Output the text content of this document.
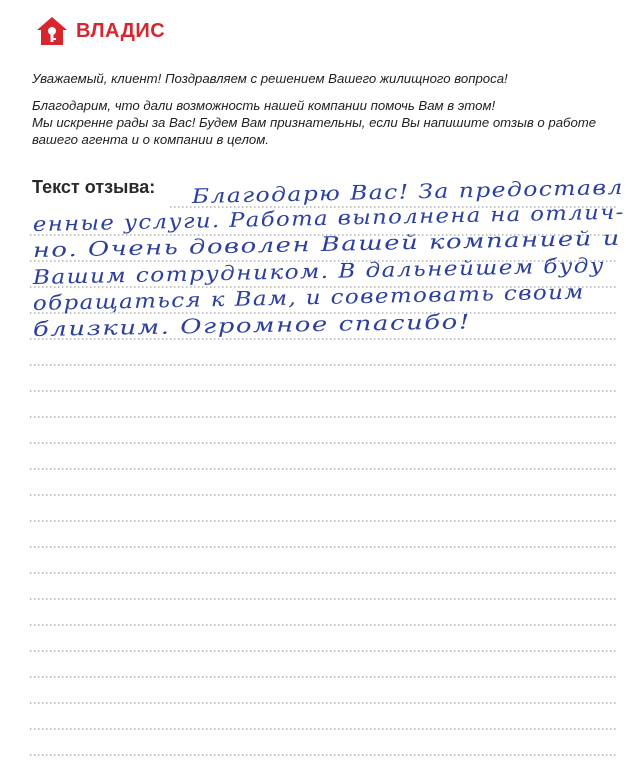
ВЛАДИС

Уважаемый, клиент! Поздравляем с решением Вашего жилищного вопроса!

Благодарим, что дали возможность нашей компании помочь Вам в этом!

Мы искренне рады за Вас! Будем Вам признательны, если Вы напишите отзыв о работе

вашего агента и о компании в целом.

Текст отзыва: Благодарю Вас! За предоставл
енные услуги. Работа выполнена на отлич-
но. Очень доволен Вашей компанией и
Вашим сотрудником. В дальнейшем буду
обращаться к Вам, и советовать своим
близким. Огромное спасибо!
